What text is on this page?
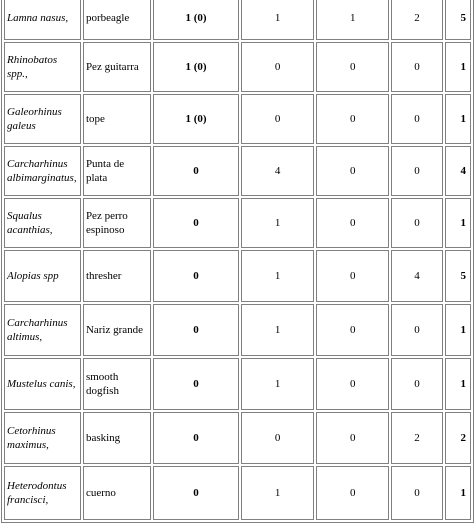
Lamna nasus,	porbeagle	1 (0)	1	1	2	5
Rhinobatos spp.,	Pez guitarra	1 (0)	0	0	0	1
Galeorhinus galeus	tope	1 (0)	0	0	0	1
Carcharhinus albimarginatus,	Punta de plata	0	4	0	0	4
Squalus acanthias,	Pez perro espinoso	0	1	0	0	1
Alopias spp	thresher	0	1	0	4	5
Carcharhinus altimus,	Nariz grande	0	1	0	0	1
Mustelus canis,	smooth dogfish	0	1	0	0	1
Cetorhinus maximus,	basking	0	0	0	2	2
Heterodontus francisci,	cuerno	0	1	0	0	1
